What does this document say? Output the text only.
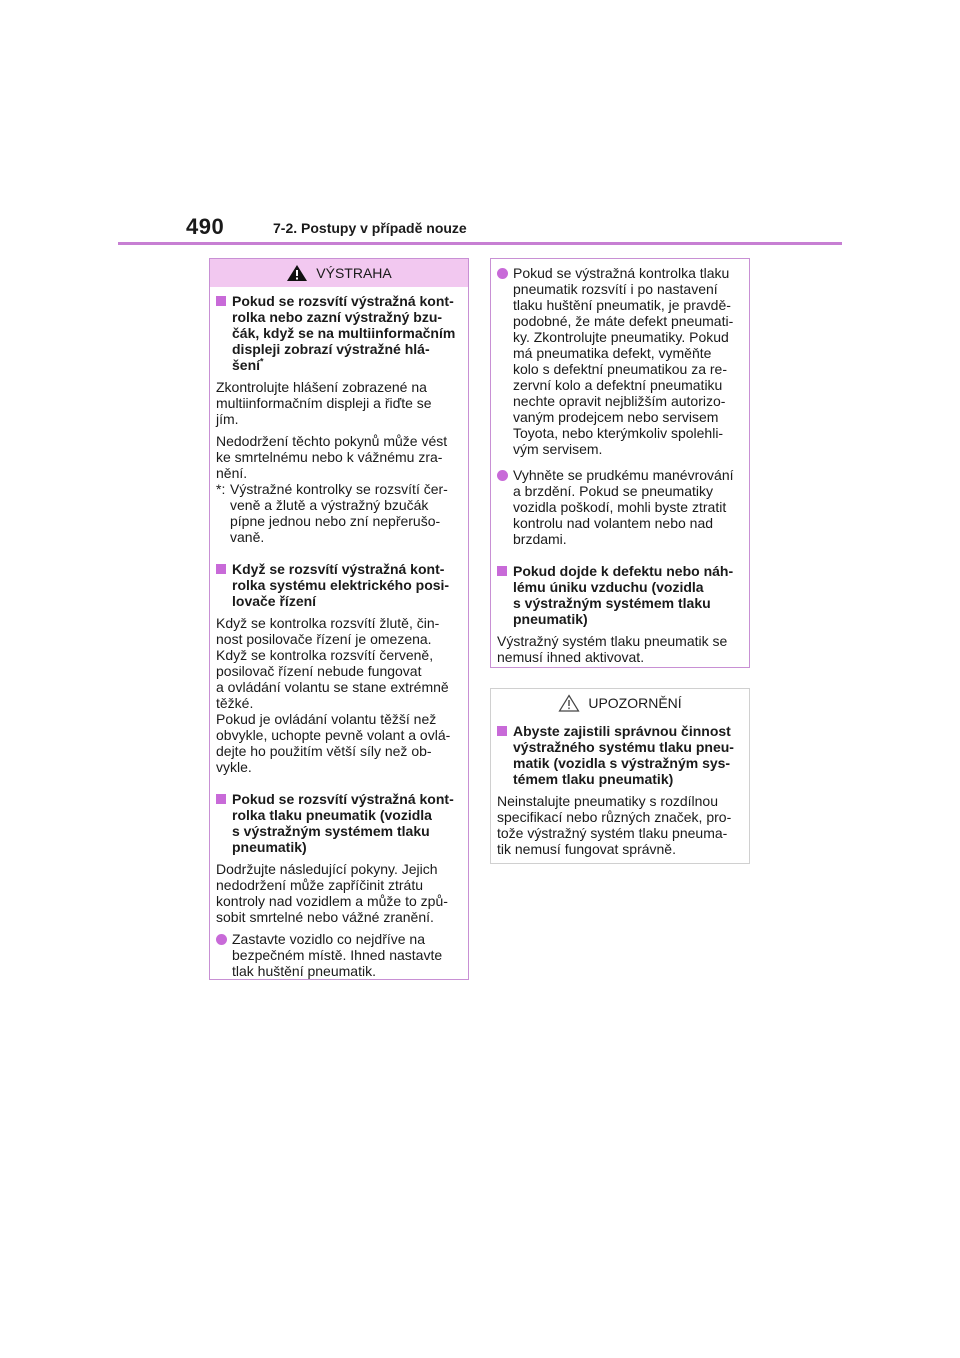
490	7-2. Postupy v případě nouze
VÝSTRAHA
Pokud se rozsvítí výstražná kont-
rolka nebo zazní výstražný bzu-
čák, když se na multiinformačním
displeji zobrazí výstražné hlá-
šení*
Zkontrolujte hlášení zobrazené na
multiinformačním displeji a řiďte se
jím.
Nedodržení těchto pokynů může vést
ke smrtelnému nebo k vážnému zra-
nění.
*: Výstražné kontrolky se rozsvítí čer-
veně a žlutě a výstražný bzučák
pípne jednou nebo zní nepřerušo-
vaně.
Když se rozsvítí výstražná kont-
rolka systému elektrického posi-
lovače řízení
Když se kontrolka rozsvítí žlutě, čin-
nost posilovače řízení je omezena.
Když se kontrolka rozsvítí červeně,
posilovač řízení nebude fungovat
a ovládání volantu se stane extrémně
těžké.
Pokud je ovládání volantu těžší než
obvykle, uchopte pevně volant a ovlá-
dejte ho použitím větší síly než ob-
vykle.
Pokud se rozsvítí výstražná kont-
rolka tlaku pneumatik (vozidla
s výstražným systémem tlaku
pneumatik)
Dodržujte následující pokyny. Jejich
nedodržení může zapříčinit ztrátu
kontroly nad vozidlem a může to způ-
sobit smrtelné nebo vážné zranění.
Zastavte vozidlo co nejdříve na
bezpečném místě. Ihned nastavte
tlak huštění pneumatik.
Pokud se výstražná kontrolka tlaku
pneumatik rozsvítí i po nastavení
tlaku huštění pneumatik, je pravdě-
podobné, že máte defekt pneumati-
ky. Zkontrolujte pneumatiky. Pokud
má pneumatika defekt, vyměňte
kolo s defektní pneumatikou za re-
zervní kolo a defektní pneumatiku
nechte opravit nejbližším autorizo-
vaným prodejcem nebo servisem
Toyota, nebo kterýmkoliv spolehli-
vým servisem.
Vyhněte se prudkému manévrování
a brzdění. Pokud se pneumatiky
vozidla poškodí, mohli byste ztratit
kontrolu nad volantem nebo nad
brzdami.
Pokud dojde k defektu nebo náh-
lému úniku vzduchu (vozidla
s výstražným systémem tlaku
pneumatik)
Výstražný systém tlaku pneumatik se
nemusí ihned aktivovat.
UPOZORNĚNÍ
Abyste zajistili správnou činnost
výstražného systému tlaku pneu-
matik (vozidla s výstražným sys-
témem tlaku pneumatik)
Neinstalujte pneumatiky s rozdílnou
specifikací nebo různých značek, pro-
tože výstražný systém tlaku pneuma-
tik nemusí fungovat správně.
